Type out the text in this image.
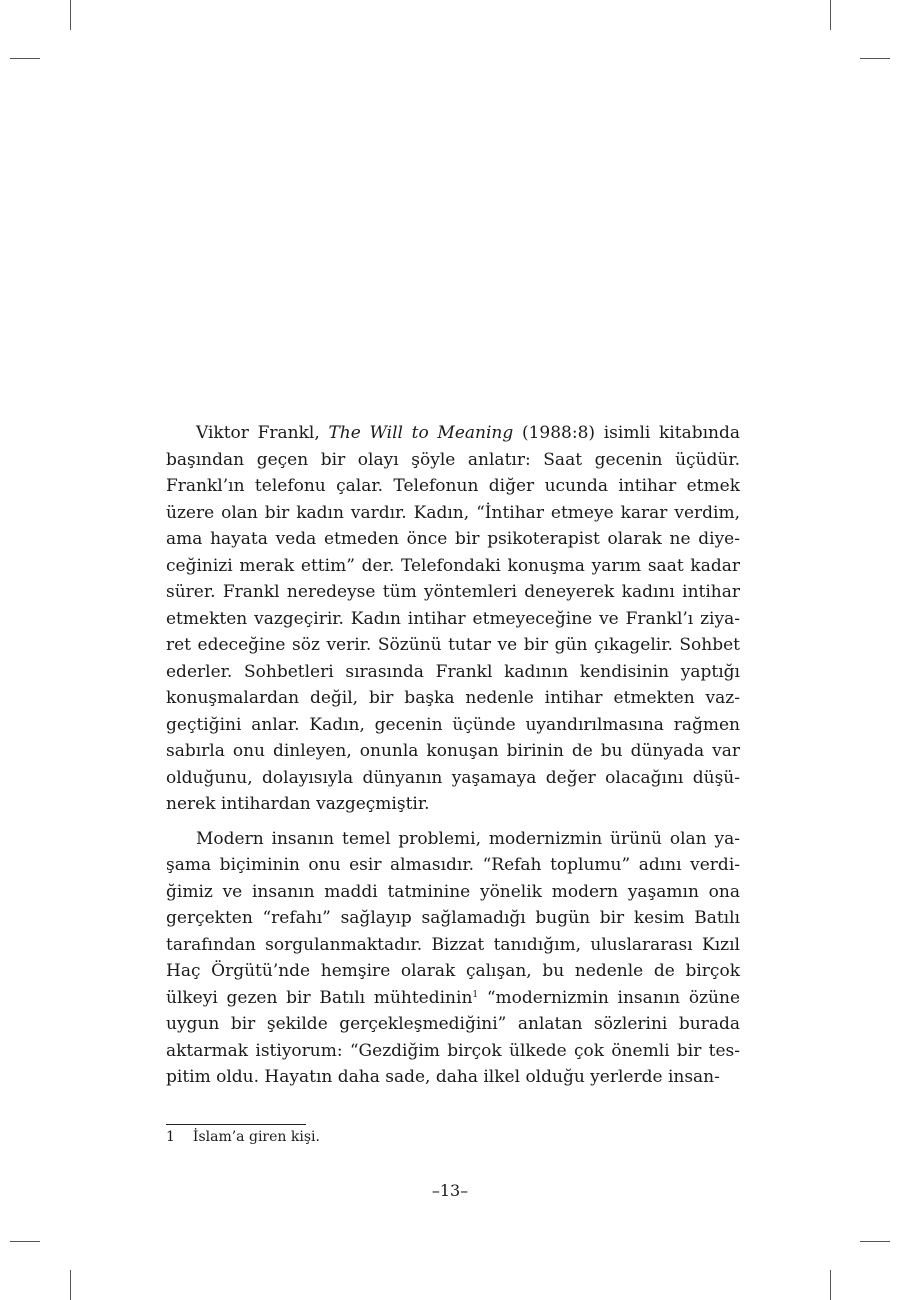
Viktor Frankl, The Will to Meaning (1988:8) isimli kitabında başından geçen bir olayı şöyle anlatır: Saat gecenin üçüdür. Frankl’ın telefonu çalar. Telefonun diğer ucunda intihar etmek üzere olan bir kadın vardır. Kadın, “İntihar etmeye karar verdim, ama hayata veda etmeden önce bir psikoterapist olarak ne diyeceğinizi merak ettim” der. Telefondaki konuşma yarım saat kadar sürer. Frankl neredeyse tüm yöntemleri deneyerek kadını intihar etmekten vazgeçirir. Kadın intihar etmeyeceğine ve Frankl’ı ziyaret edeceğine söz verir. Sözünü tutar ve bir gün çıkagelir. Sohbet ederler. Sohbetleri sırasında Frankl kadının kendisinin yaptığı konuşmalardan değil, bir başka nedenle intihar etmekten vazgeçtiğini anlar. Kadın, gecenin üçünde uyandırılmasına rağmen sabırla onu dinleyen, onunla konuşan birinin de bu dünyada var olduğunu, dolayısıyla dünyanın yaşamaya değer olacağını düşünerek intihardan vazgeçmiştir.

Modern insanın temel problemi, modernizmin ürünü olan yaşama biçiminin onu esir almasıdır. “Refah toplumu” adını verdiğimiz ve insanın maddi tatminine yönelik modern yaşamın ona gerçekten “refahı” sağlayıp sağlamadığı bugün bir kesim Batılı tarafından sorgulanmaktadır. Bizzat tanıdığım, uluslararası Kızıl Haç Örgütü’nde hemşire olarak çalışan, bu nedenle de birçok ülkeyi gezen bir Batılı mühtedinin$^1$ “modernizmin insanın özüne uygun bir şekilde gerçekleşmediğini” anlatan sözlerini burada aktarmak istiyorum: “Gezdiğim birçok ülkede çok önemli bir tespitim oldu. Hayatın daha sade, daha ilkel olduğu yerlerde insan-

1 İslam’a giren kişi.
–13–
